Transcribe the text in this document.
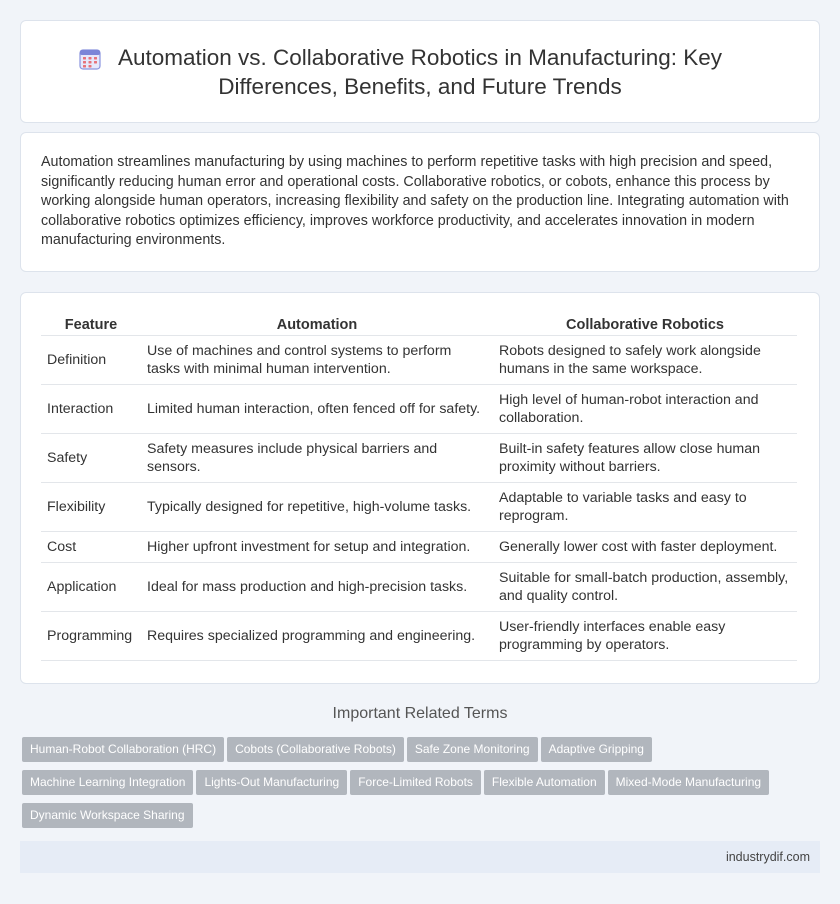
Automation vs. Collaborative Robotics in Manufacturing: Key Differences, Benefits, and Future Trends

Automation streamlines manufacturing by using machines to perform repetitive tasks with high precision and speed, significantly reducing human error and operational costs. Collaborative robotics, or cobots, enhance this process by working alongside human operators, increasing flexibility and safety on the production line. Integrating automation with collaborative robotics optimizes efficiency, improves workforce productivity, and accelerates innovation in modern manufacturing environments.

Feature	Automation	Collaborative Robotics
Definition	Use of machines and control systems to perform tasks with minimal human intervention.	Robots designed to safely work alongside humans in the same workspace.
Interaction	Limited human interaction, often fenced off for safety.	High level of human-robot interaction and collaboration.
Safety	Safety measures include physical barriers and sensors.	Built-in safety features allow close human proximity without barriers.
Flexibility	Typically designed for repetitive, high-volume tasks.	Adaptable to variable tasks and easy to reprogram.
Cost	Higher upfront investment for setup and integration.	Generally lower cost with faster deployment.
Application	Ideal for mass production and high-precision tasks.	Suitable for small-batch production, assembly, and quality control.
Programming	Requires specialized programming and engineering.	User-friendly interfaces enable easy programming by operators.
Important Related Terms
Human-Robot Collaboration (HRC) Cobots (Collaborative Robots) Safe Zone Monitoring Adaptive Gripping
Machine Learning Integration Lights-Out Manufacturing Force-Limited Robots Flexible Automation Mixed-Mode Manufacturing
Dynamic Workspace Sharing
industrydif.com
